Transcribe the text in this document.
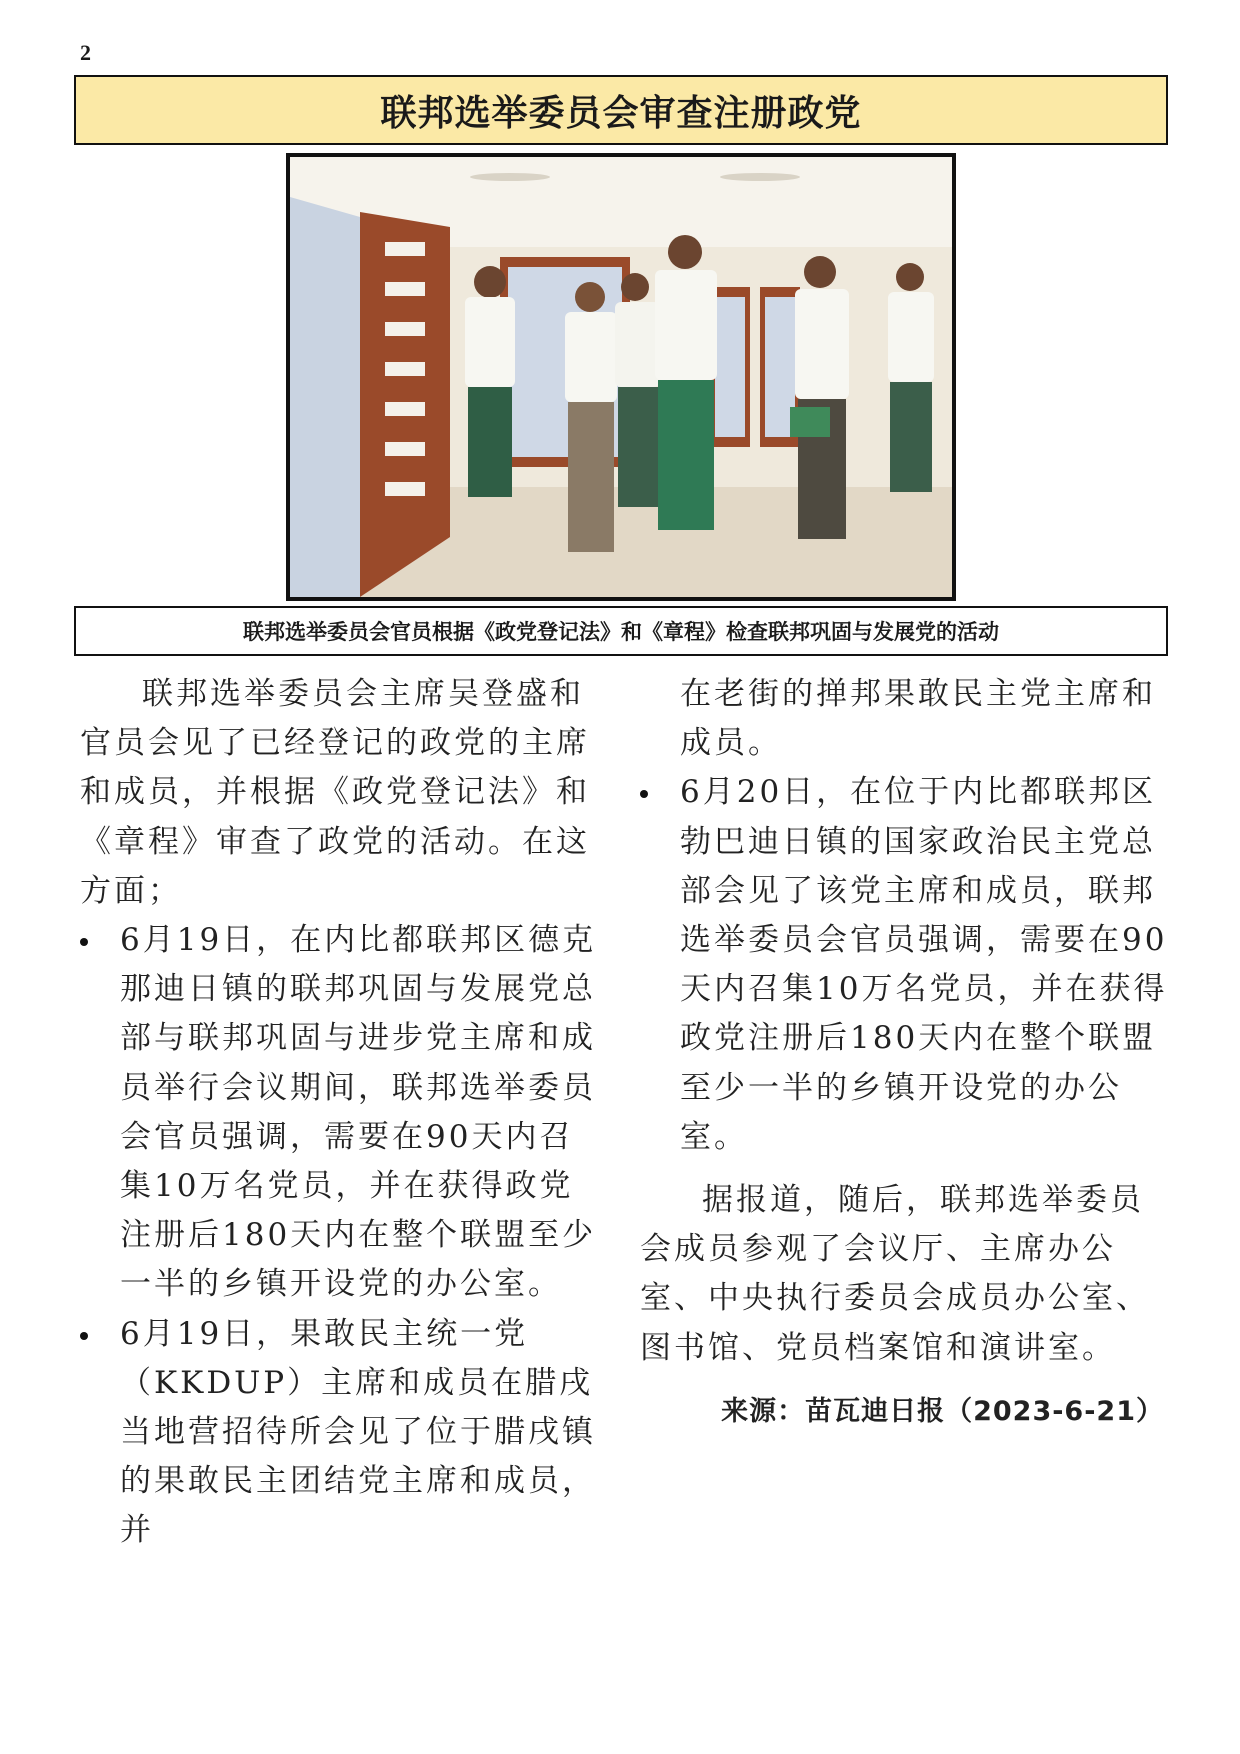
2
联邦选举委员会审查注册政党

联邦选举委员会官员根据《政党登记法》和《章程》检查联邦巩固与发展党的活动

联邦选举委员会主席吴登盛和官员会见了已经登记的政党的主席和成员，并根据《政党登记法》和《章程》审查了政党的活动。在这方面；

6月19日，在内比都联邦区德克那迪日镇的联邦巩固与发展党总部与联邦巩固与进步党主席和成员举行会议期间，联邦选举委员会官员强调，需要在90天内召集10万名党员，并在获得政党注册后180天内在整个联盟至少一半的乡镇开设党的办公室。
6月19日，果敢民主统一党（KKDUP）主席和成员在腊戌当地营招待所会见了位于腊戌镇的果敢民主团结党主席和成员，并

在老街的掸邦果敢民主党主席和成员。

6月20日，在位于内比都联邦区勃巴迪日镇的国家政治民主党总部会见了该党主席和成员，联邦选举委员会官员强调，需要在90天内召集10万名党员，并在获得政党注册后180天内在整个联盟至少一半的乡镇开设党的办公室。

据报道，随后，联邦选举委员会成员参观了会议厅、主席办公室、中央执行委员会成员办公室、图书馆、党员档案馆和演讲室。

来源：苗瓦迪日报（2023-6-21）
